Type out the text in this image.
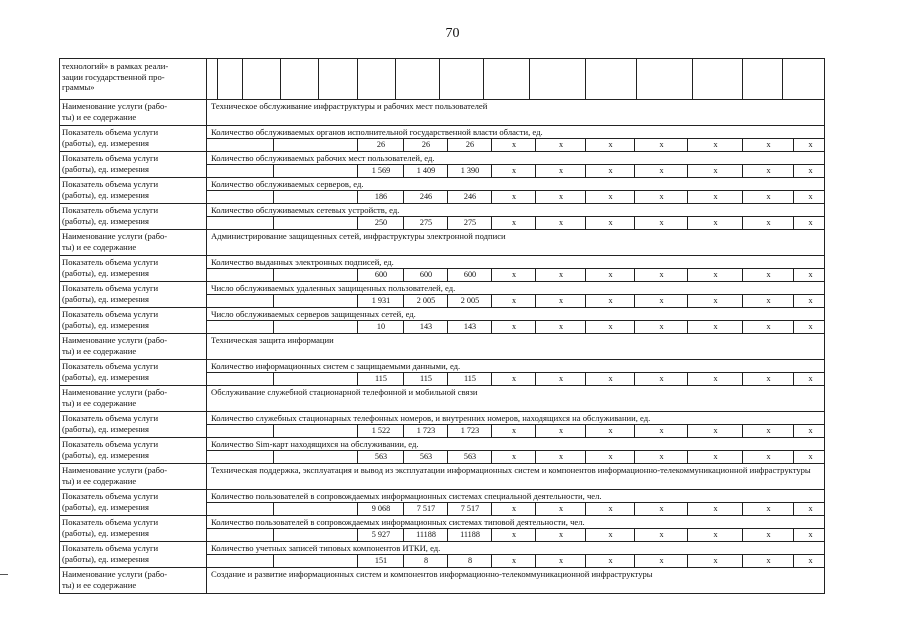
70
технологий» в рамках реали-
зации государственной про-
граммы»
Наименование услуги (рабо-
ты) и ее содержание
Техническое обслуживание инфраструктуры и рабочих мест пользователей
Показатель объема услуги
(работы), ед. измерения
Количество обслуживаемых органов исполнительной государственной власти области, ед.
26	26	26	х	х	х	х	х	х	х
Показатель объема услуги
(работы), ед. измерения
Количество обслуживаемых рабочих мест пользователей, ед.
1 569	1 409	1 390	х	х	х	х	х	х	х
Показатель объема услуги
(работы), ед. измерения
Количество обслуживаемых серверов, ед.
186	246	246	х	х	х	х	х	х	х
Показатель объема услуги
(работы), ед. измерения
Количество обслуживаемых сетевых устройств, ед.
250	275	275	х	х	х	х	х	х	х
Наименование услуги (рабо-
ты) и ее содержание
Администрирование защищенных сетей, инфраструктуры электронной подписи
Показатель объема услуги
(работы), ед. измерения
Количество выданных электронных подписей, ед.
600	600	600	х	х	х	х	х	х	х
Показатель объема услуги
(работы), ед. измерения
Число обслуживаемых удаленных защищенных пользователей, ед.
1 931	2 005	2 005	х	х	х	х	х	х	х
Показатель объема услуги
(работы), ед. измерения
Число обслуживаемых серверов защищенных сетей, ед.
10	143	143	х	х	х	х	х	х	х
Наименование услуги (рабо-
ты) и ее содержание
Техническая защита информации
Показатель объема услуги
(работы), ед. измерения
Количество информационных систем с защищаемыми данными, ед.
115	115	115	х	х	х	х	х	х	х
Наименование услуги (рабо-
ты) и ее содержание
Обслуживание служебной стационарной телефонной и мобильной связи
Показатель объема услуги
(работы), ед. измерения
Количество служебных стационарных телефонных номеров, и внутренних номеров, находящихся на обслуживании, ед.
1 522	1 723	1 723	х	х	х	х	х	х	х
Показатель объема услуги
(работы), ед. измерения
Количество Sim-карт находящихся на обслуживании, ед.
563	563	563	х	х	х	х	х	х	х
Наименование услуги (рабо-
ты) и ее содержание
Техническая поддержка, эксплуатация и вывод из эксплуатации информационных систем и компонентов информационно-телекоммуникационной инфраструктуры
Показатель объема услуги
(работы), ед. измерения
Количество пользователей в сопровождаемых информационных системах специальной деятельности, чел.
9 068	7 517	7 517	х	х	х	х	х	х	х
Показатель объема услуги
(работы), ед. измерения
Количество пользователей в сопровождаемых информационных системах типовой деятельности, чел.
5 927	11188	11188	х	х	х	х	х	х	х
Показатель объема услуги
(работы), ед. измерения
Количество учетных записей типовых компонентов ИТКИ, ед.
151	8	8	х	х	х	х	х	х	х
Наименование услуги (рабо-
ты) и ее содержание
Создание и развитие информационных систем и компонентов информационно-телекоммуникационной инфраструктуры
